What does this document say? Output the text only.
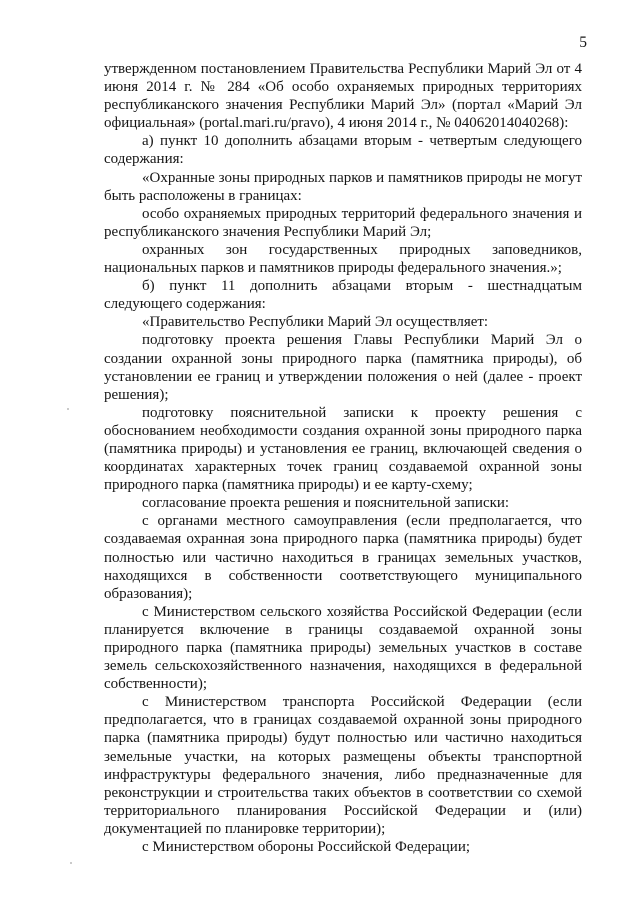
5

утвержденном постановлением Правительства Республики Марий Эл от 4 июня 2014 г. № 284 «Об особо охраняемых природных территориях республиканского значения Республики Марий Эл» (портал «Марий Эл официальная» (portal.mari.ru/pravo), 4 июня 2014 г., № 04062014040268):

а) пункт 10 дополнить абзацами вторым - четвертым следующего содержания:

«Охранные зоны природных парков и памятников природы не могут быть расположены в границах:

особо охраняемых природных территорий федерального значения и республиканского значения Республики Марий Эл;

охранных зон государственных природных заповедников, национальных парков и памятников природы федерального значения.»;

б) пункт 11 дополнить абзацами вторым - шестнадцатым следующего содержания:

«Правительство Республики Марий Эл осуществляет:

подготовку проекта решения Главы Республики Марий Эл о создании охранной зоны природного парка (памятника природы), об установлении ее границ и утверждении положения о ней (далее - проект решения);

подготовку пояснительной записки к проекту решения с обоснованием необходимости создания охранной зоны природного парка (памятника природы) и установления ее границ, включающей сведения о координатах характерных точек границ создаваемой охранной зоны природного парка (памятника природы) и ее карту-схему;

согласование проекта решения и пояснительной записки:

с органами местного самоуправления (если предполагается, что создаваемая охранная зона природного парка (памятника природы) будет полностью или частично находиться в границах земельных участков, находящихся в собственности соответствующего муниципального образования);

с Министерством сельского хозяйства Российской Федерации (если планируется включение в границы создаваемой охранной зоны природного парка (памятника природы) земельных участков в составе земель сельскохозяйственного назначения, находящихся в федеральной собственности);

с Министерством транспорта Российской Федерации (если предполагается, что в границах создаваемой охранной зоны природного парка (памятника природы) будут полностью или частично находиться земельные участки, на которых размещены объекты транспортной инфраструктуры федерального значения, либо предназначенные для реконструкции и строительства таких объектов в соответствии со схемой территориального планирования Российской Федерации и (или) документацией по планировке территории);

с Министерством обороны Российской Федерации;
